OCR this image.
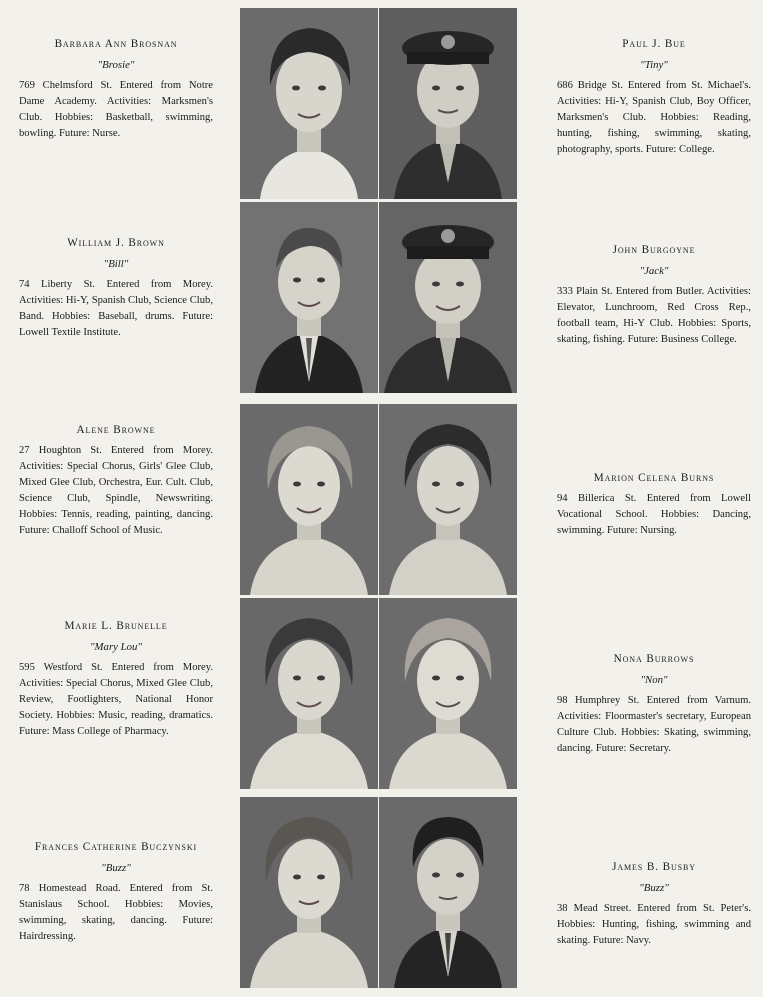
Barbara Ann Brosnan

"Brosie"

769 Chelmsford St. Entered from Notre Dame Academy. Activities: Marksmen's Club. Hobbies: Basketball, swimming, bowling. Future: Nurse.

William J. Brown

"Bill"

74 Liberty St. Entered from Morey. Activities: Hi-Y, Spanish Club, Science Club, Band. Hobbies: Baseball, drums. Future: Lowell Textile Institute.

Alene Browne

27 Houghton St. Entered from Morey. Activities: Special Chorus, Girls' Glee Club, Mixed Glee Club, Orchestra, Eur. Cult. Club, Science Club, Spindle, Newswriting. Hobbies: Tennis, reading, painting, dancing. Future: Challoff School of Music.

Marie L. Brunelle

"Mary Lou"

595 Westford St. Entered from Morey. Activities: Special Chorus, Mixed Glee Club, Review, Footlighters, National Honor Society. Hobbies: Music, reading, dramatics. Future: Mass College of Pharmacy.

Frances Catherine Buczynski

"Buzz"

78 Homestead Road. Entered from St. Stanislaus School. Hobbies: Movies, swimming, skating, dancing. Future: Hairdressing.

Paul J. Bue

"Tiny"

686 Bridge St. Entered from St. Michael's. Activities: Hi-Y, Spanish Club, Boy Officer, Marksmen's Club. Hobbies: Reading, hunting, fishing, swimming, skating, photography, sports. Future: College.

John Burgoyne

"Jack"

333 Plain St. Entered from Butler. Activities: Elevator, Lunchroom, Red Cross Rep., football team, Hi-Y Club. Hobbies: Sports, skating, fishing. Future: Business College.

Marion Celena Burns

94 Billerica St. Entered from Lowell Vocational School. Hobbies: Dancing, swimming. Future: Nursing.

Nona Burrows

"Non"

98 Humphrey St. Entered from Varnum. Activities: Floormaster's secretary, European Culture Club. Hobbies: Skating, swimming, dancing. Future: Secretary.

James B. Busby

"Buzz"

38 Mead Street. Entered from St. Peter's. Hobbies: Hunting, fishing, swimming and skating. Future: Navy.
